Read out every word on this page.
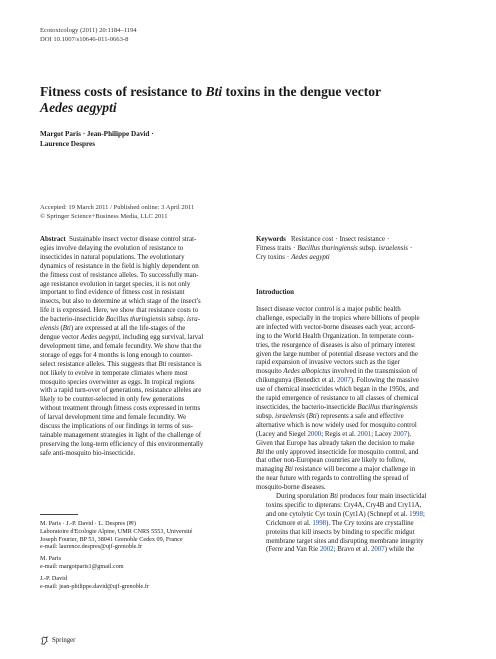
Ecotoxicology (2011) 20:1184–1194
DOI 10.1007/s10646-011-0663-8
Fitness costs of resistance to Bti toxins in the dengue vector
Aedes aegypti
Margot Paris · Jean-Philippe David ·
Laurence Despres
Accepted: 19 March 2011 / Published online: 3 April 2011
© Springer Science+Business Media, LLC 2011
Abstract Sustainable insect vector disease control strat-
egies involve delaying the evolution of resistance to
insecticides in natural populations. The evolutionary
dynamics of resistance in the field is highly dependent on
the fitness cost of resistance alleles. To successfully man-
age resistance evolution in target species, it is not only
important to find evidence of fitness cost in resistant
insects, but also to determine at which stage of the insect's
life it is expressed. Here, we show that resistance costs to
the bacterio-insecticide Bacillus thuringiensis subsp. isra-
elensis (Bti) are expressed at all the life-stages of the
dengue vector Aedes aegypti, including egg survival, larval
development time, and female fecundity. We show that the
storage of eggs for 4 months is long enough to counter-
select resistance alleles. This suggests that Bti resistance is
not likely to evolve in temperate climates where most
mosquito species overwinter as eggs. In tropical regions
with a rapid turn-over of generations, resistance alleles are
likely to be counter-selected in only few generations
without treatment through fitness costs expressed in terms
of larval development time and female fecundity. We
discuss the implications of our findings in terms of sus-
tainable management strategies in light of the challenge of
preserving the long-term efficiency of this environmentally
safe anti-mosquito bio-insecticide.
M. Paris · J.-P. David · L. Despres (✉)
Laboratoire d'Ecologie Alpine, UMR CNRS 5553, Université
Joseph Fourier, BP 53, 38041 Grenoble Cedex 09, France
e-mail: laurence.despres@ujf-grenoble.fr
M. Paris
e-mail: margotparis1@gmail.com
J.-P. David
e-mail: jean-philippe.david@ujf-grenoble.fr
Keywords Resistance cost · Insect resistance ·
Fitness traits · Bacillus thuringiensis subsp. israelensis ·
Cry toxins · Aedes aegypti
Introduction

Insect disease vector control is a major public health
challenge, especially in the tropics where billions of people
are infected with vector-borne diseases each year, accord-
ing to the World Health Organization. In temperate coun-
tries, the resurgence of diseases is also of primary interest
given the large number of potential disease vectors and the
rapid expansion of invasive vectors such as the tiger
mosquito Aedes albopictus involved in the transmission of
chikungunya (Benedict et al. 2007). Following the massive
use of chemical insecticides which began in the 1950s, and
the rapid emergence of resistance to all classes of chemical
insecticides, the bacterio-insecticide Bacillus thuringiensis
subsp. israelensis (Bti) represents a safe and effective
alternative which is now widely used for mosquito control
(Lacey and Siegel 2000; Regis et al. 2001; Lacey 2007).
Given that Europe has already taken the decision to make
Bti the only approved insecticide for mosquito control, and
that other non-European countries are likely to follow,
managing Bti resistance will become a major challenge in
the near future with regards to controlling the spread of
mosquito-borne diseases.

During sporulation Bti produces four main insecticidal
toxins specific to dipterans: Cry4A, Cry4B and Cry11A,
and one cytolytic Cyt toxin (Cyt1A) (Schnepf et al. 1998;
Crickmore et al. 1998). The Cry toxins are crystalline
proteins that kill insects by binding to specific midgut
membrane target sites and disrupting membrane integrity
(Ferre and Van Rie 2002; Bravo et al. 2007) while the

Springer
